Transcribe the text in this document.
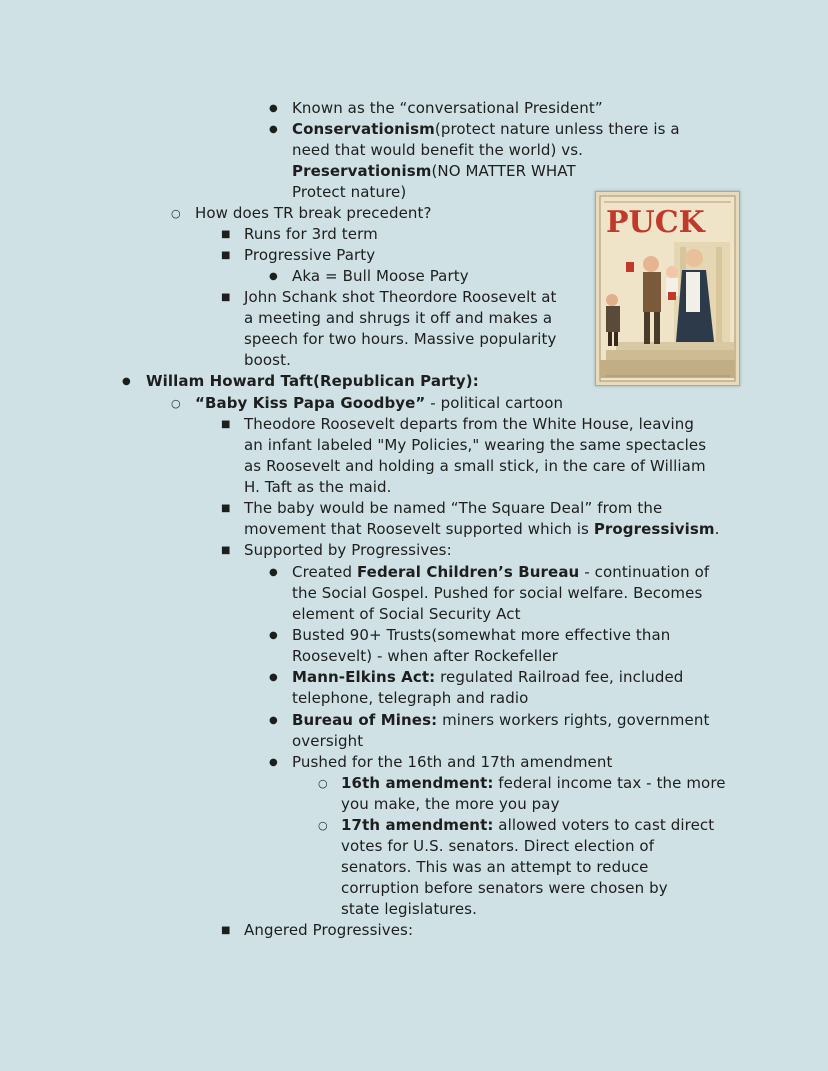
●
Known as the “conversational President”
●
Conservationism(protect nature unless there is a
need that would benefit the world) vs.
Preservationism(NO MATTER WHAT
Protect nature)
○
How does TR break precedent?
■
Runs for 3rd term
■
Progressive Party
●
Aka = Bull Moose Party
■
John Schank shot Theordore Roosevelt at
a meeting and shrugs it off and makes a
speech for two hours. Massive popularity
boost.
●
Willam Howard Taft(Republican Party):
○
“Baby Kiss Papa Goodbye” - political cartoon
■
Theodore Roosevelt departs from the White House, leaving
an infant labeled "My Policies," wearing the same spectacles
as Roosevelt and holding a small stick, in the care of William
H. Taft as the maid.
■
The baby would be named “The Square Deal” from the
movement that Roosevelt supported which is Progressivism.
■
Supported by Progressives:
●
Created Federal Children’s Bureau - continuation of
the Social Gospel. Pushed for social welfare. Becomes
element of Social Security Act
●
Busted 90+ Trusts(somewhat more effective than
Roosevelt) - when after Rockefeller
●
Mann-Elkins Act: regulated Railroad fee, included
telephone, telegraph and radio
●
Bureau of Mines: miners workers rights, government
oversight
●
Pushed for the 16th and 17th amendment
○
16th amendment: federal income tax - the more
you make, the more you pay
○
17th amendment: allowed voters to cast direct
votes for U.S. senators. Direct election of
senators. This was an attempt to reduce
corruption before senators were chosen by
state legislatures.
■
Angered Progressives:
PUCK
